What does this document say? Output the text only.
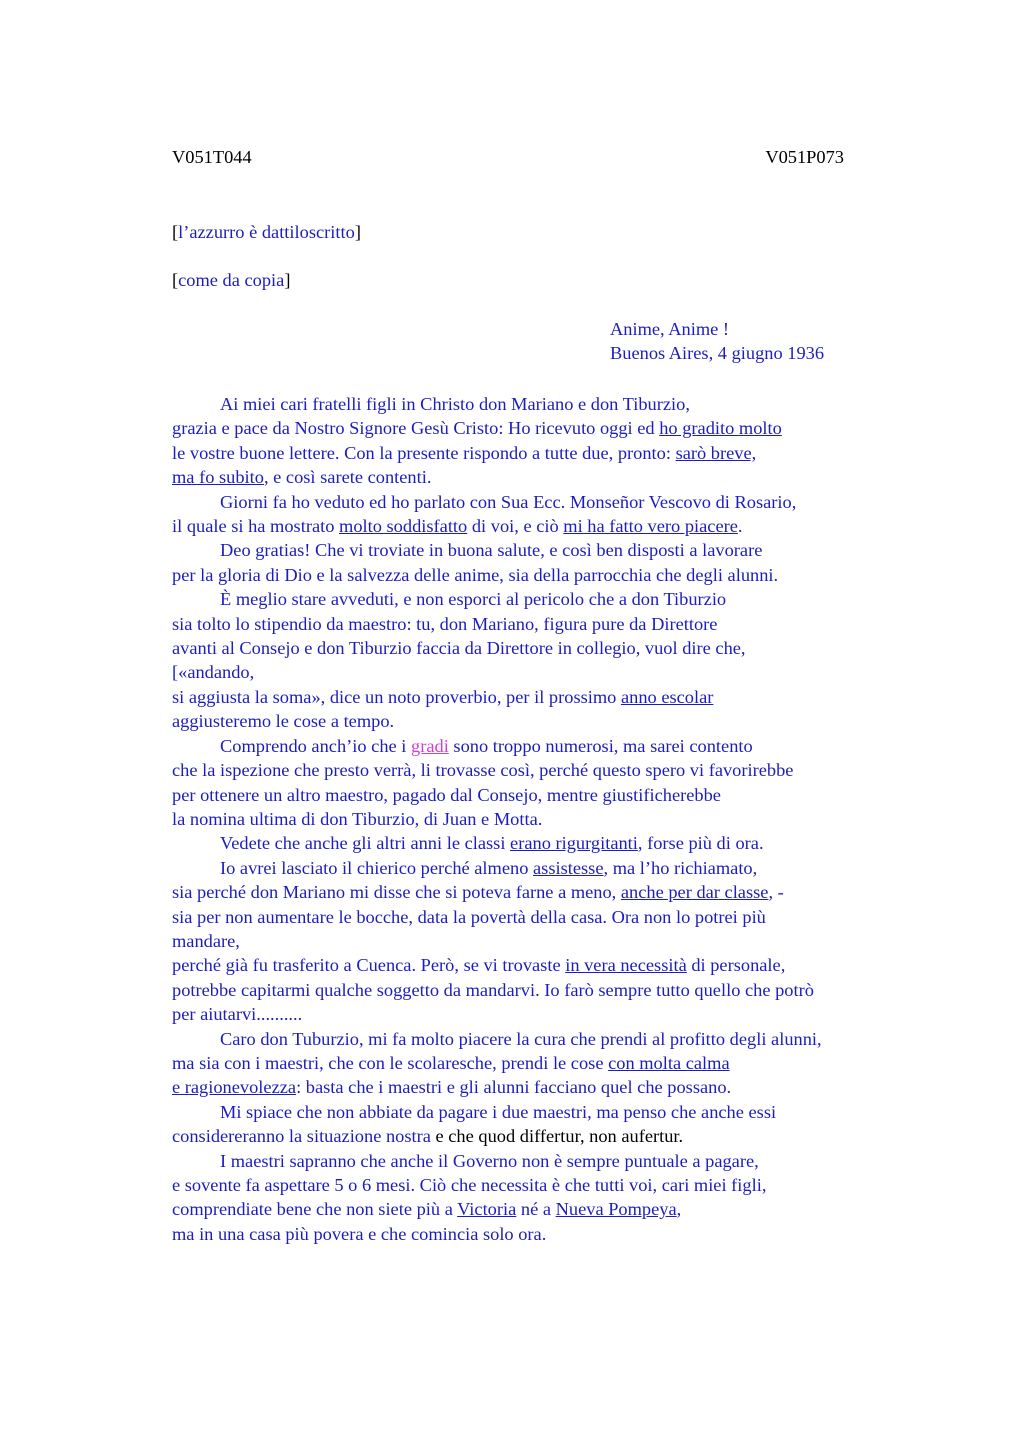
V051T044	V051P073
[l’azzurro è dattiloscritto]
[come da copia]
Anime, Anime !
Buenos Aires, 4 giugno 1936

Ai miei cari fratelli figli in Christo don Mariano e don Tiburzio,

grazia e pace da Nostro Signore Gesù Cristo: Ho ricevuto oggi ed ho gradito molto

le vostre buone lettere. Con la presente rispondo a tutte due, pronto: sarò breve,

ma fo subito, e così sarete contenti.

Giorni fa ho veduto ed ho parlato con Sua Ecc. Monseñor Vescovo di Rosario,

il quale si ha mostrato molto soddisfatto di voi, e ciò mi ha fatto vero piacere.

Deo gratias! Che vi troviate in buona salute, e così ben disposti a lavorare

per la gloria di Dio e la salvezza delle anime, sia della parrocchia che degli alunni.

È meglio stare avveduti, e non esporci al pericolo che a don Tiburzio

sia tolto lo stipendio da maestro: tu, don Mariano, figura pure da Direttore

avanti al Consejo e don Tiburzio faccia da Direttore in collegio, vuol dire che,

[«andando,

si aggiusta la soma», dice un noto proverbio, per il prossimo anno escolar

aggiusteremo le cose a tempo.

Comprendo anch’io che i gradi sono troppo numerosi, ma sarei contento

che la ispezione che presto verrà, li trovasse così, perché questo spero vi favorirebbe

per ottenere un altro maestro, pagado dal Consejo, mentre giustificherebbe

la nomina ultima di don Tiburzio, di Juan e Motta.

Vedete che anche gli altri anni le classi erano rigurgitanti, forse più di ora.

Io avrei lasciato il chierico perché almeno assistesse, ma l’ho richiamato,

sia perché don Mariano mi disse che si poteva farne a meno, anche per dar classe, -

sia per non aumentare le bocche, data la povertà della casa. Ora non lo potrei più

mandare,

perché già fu trasferito a Cuenca. Però, se vi trovaste in vera necessità di personale,

potrebbe capitarmi qualche soggetto da mandarvi. Io farò sempre tutto quello che potrò

per aiutarvi..........

Caro don Tuburzio, mi fa molto piacere la cura che prendi al profitto degli alunni,

ma sia con i maestri, che con le scolaresche, prendi le cose con molta calma

e ragionevolezza: basta che i maestri e gli alunni facciano quel che possano.

Mi spiace che non abbiate da pagare i due maestri, ma penso che anche essi

considereranno la situazione nostra e che quod differtur, non aufertur.

I maestri sapranno che anche il Governo non è sempre puntuale a pagare,

e sovente fa aspettare 5 o 6 mesi. Ciò che necessita è che tutti voi, cari miei figli,

comprendiate bene che non siete più a Victoria né a Nueva Pompeya,

ma in una casa più povera e che comincia solo ora.
